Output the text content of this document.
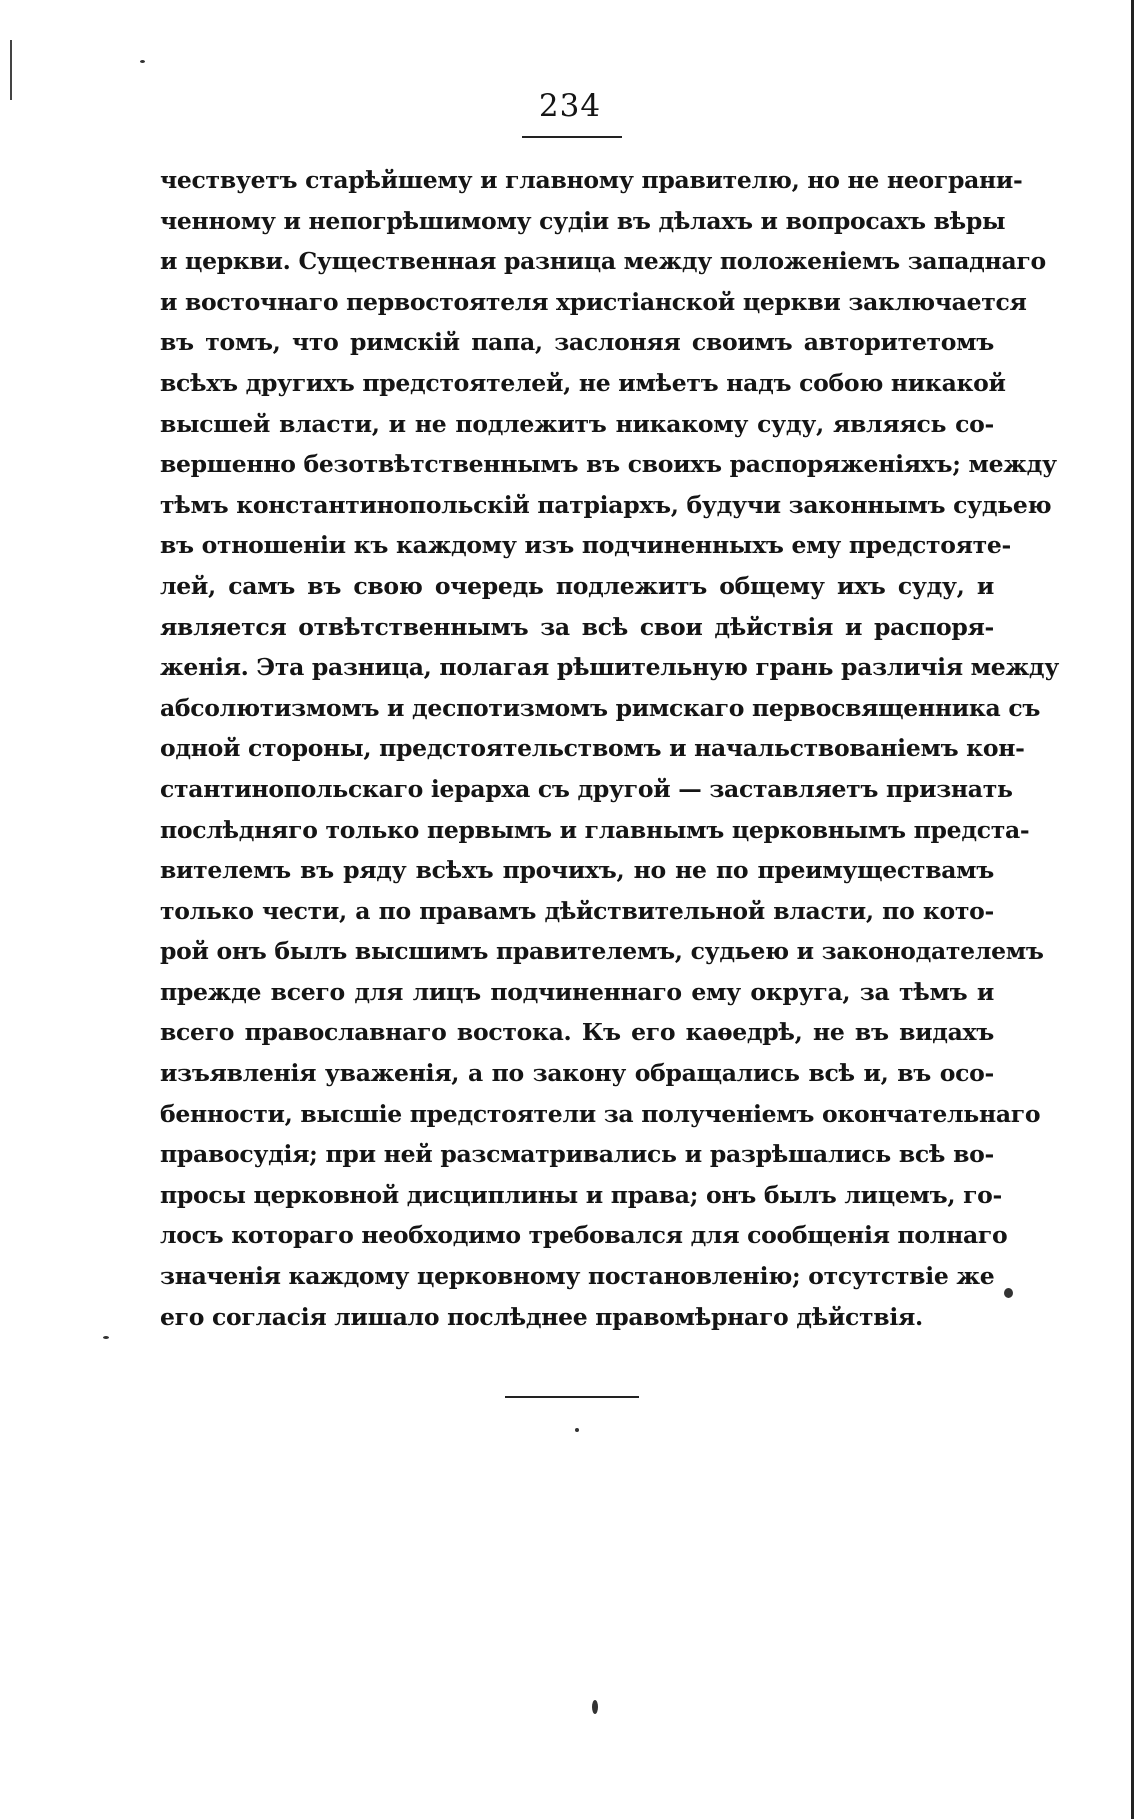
234
чествуетъ старѣйшему и главному правителю, но не неограни-
ченному и непогрѣшимому судіи въ дѣлахъ и вопросахъ вѣры
и церкви. Существенная разница между положеніемъ западнаго
и восточнаго первостоятеля христіанской церкви заключается
въ томъ, что римскій папа, заслоняя своимъ авторитетомъ
всѣхъ другихъ предстоятелей, не имѣетъ надъ собою никакой
высшей власти, и не подлежитъ никакому суду, являясь со-
вершенно безотвѣтственнымъ въ своихъ распоряженіяхъ; между
тѣмъ константинопольскій патріархъ, будучи законнымъ судьею
въ отношеніи къ каждому изъ подчиненныхъ ему предстояте-
лей, самъ въ свою очередь подлежитъ общему ихъ суду, и
является отвѣтственнымъ за всѣ свои дѣйствія и распоря-
женія. Эта разница, полагая рѣшительную грань различія между
абсолютизмомъ и деспотизмомъ римскаго первосвященника съ
одной стороны, предстоятельствомъ и начальствованіемъ кон-
стантинопольскаго іерарха съ другой — заставляетъ признать
послѣдняго только первымъ и главнымъ церковнымъ предста-
вителемъ въ ряду всѣхъ прочихъ, но не по преимуществамъ
только чести, а по правамъ дѣйствительной власти, по кото-
рой онъ былъ высшимъ правителемъ, судьею и законодателемъ
прежде всего для лицъ подчиненнаго ему округа, за тѣмъ и
всего православнаго востока. Къ его каѳедрѣ, не въ видахъ
изъявленія уваженія, а по закону обращались всѣ и, въ осо-
бенности, высшіе предстоятели за полученіемъ окончательнаго
правосудія; при ней разсматривались и разрѣшались всѣ во-
просы церковной дисциплины и права; онъ былъ лицемъ, го-
лосъ котораго необходимо требовался для сообщенія полнаго
значенія каждому церковному постановленію; отсутствіе же
его согласія лишало послѣднее правомѣрнаго дѣйствія.
